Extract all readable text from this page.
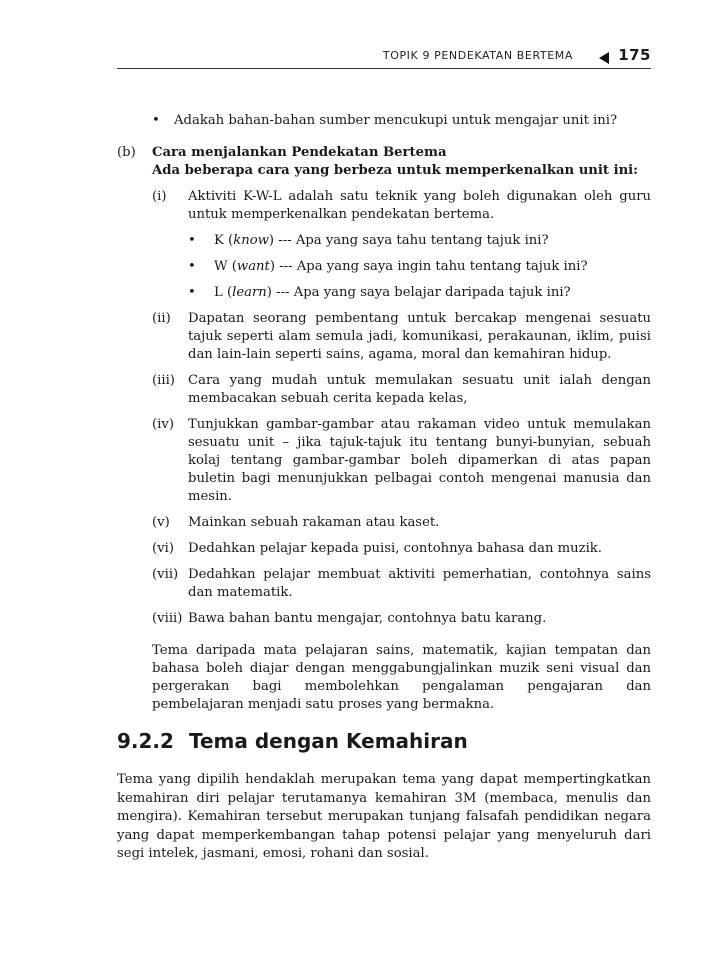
TOPIK 9 PENDEKATAN BERTEMA	175
• Adakah bahan-bahan sumber mencukupi untuk mengajar unit ini?
(b) Cara menjalankan Pendekatan Bertema
Ada beberapa cara yang berbeza untuk memperkenalkan unit ini:
(i) Aktiviti K-W-L adalah satu teknik yang boleh digunakan oleh guru untuk memperkenalkan pendekatan bertema.
• K (know) --- Apa yang saya tahu tentang tajuk ini?
• W (want) --- Apa yang saya ingin tahu tentang tajuk ini?
• L (learn) --- Apa yang saya belajar daripada tajuk ini?
(ii) Dapatan seorang pembentang untuk bercakap mengenai sesuatu tajuk seperti alam semula jadi, komunikasi, perakaunan, iklim, puisi dan lain-lain seperti sains, agama, moral dan kemahiran hidup.
(iii) Cara yang mudah untuk memulakan sesuatu unit ialah dengan membacakan sebuah cerita kepada kelas,
(iv) Tunjukkan gambar-gambar atau rakaman video untuk memulakan sesuatu unit – jika tajuk-tajuk itu tentang bunyi-bunyian, sebuah kolaj tentang gambar-gambar boleh dipamerkan di atas papan buletin bagi menunjukkan pelbagai contoh mengenai manusia dan mesin.
(v) Mainkan sebuah rakaman atau kaset.
(vi) Dedahkan pelajar kepada puisi, contohnya bahasa dan muzik.
(vii) Dedahkan pelajar membuat aktiviti pemerhatian, contohnya sains dan matematik.
(viii) Bawa bahan bantu mengajar, contohnya batu karang.
Tema daripada mata pelajaran sains, matematik, kajian tempatan dan bahasa boleh diajar dengan menggabungjalinkan muzik seni visual dan pergerakan bagi membolehkan pengalaman pengajaran dan pembelajaran menjadi satu proses yang bermakna.
9.2.2 Tema dengan Kemahiran
Tema yang dipilih hendaklah merupakan tema yang dapat mempertingkatkan kemahiran diri pelajar terutamanya kemahiran 3M (membaca, menulis dan mengira). Kemahiran tersebut merupakan tunjang falsafah pendidikan negara yang dapat memperkembangan tahap potensi pelajar yang menyeluruh dari segi intelek, jasmani, emosi, rohani dan sosial.
